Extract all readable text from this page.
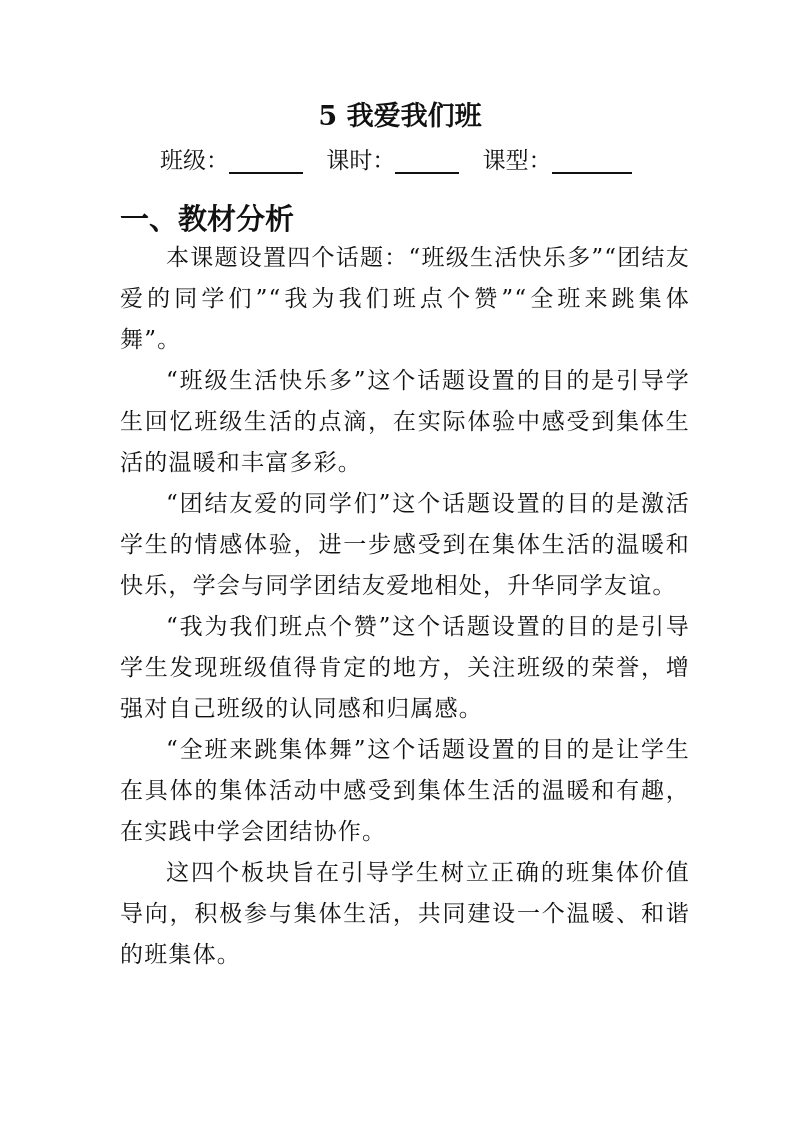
5 我爱我们班
班级：	课时：	课型：
一、教材分析

本课题设置四个话题：“班级生活快乐多”“团结友爱的同学们”“我为我们班点个赞”“全班来跳集体舞”。

“班级生活快乐多”这个话题设置的目的是引导学生回忆班级生活的点滴，在实际体验中感受到集体生活的温暖和丰富多彩。

“团结友爱的同学们”这个话题设置的目的是激活学生的情感体验，进一步感受到在集体生活的温暖和快乐，学会与同学团结友爱地相处，升华同学友谊。

“我为我们班点个赞”这个话题设置的目的是引导学生发现班级值得肯定的地方，关注班级的荣誉，增强对自己班级的认同感和归属感。

“全班来跳集体舞”这个话题设置的目的是让学生在具体的集体活动中感受到集体生活的温暖和有趣，在实践中学会团结协作。

这四个板块旨在引导学生树立正确的班集体价值导向，积极参与集体生活，共同建设一个温暖、和谐的班集体。
